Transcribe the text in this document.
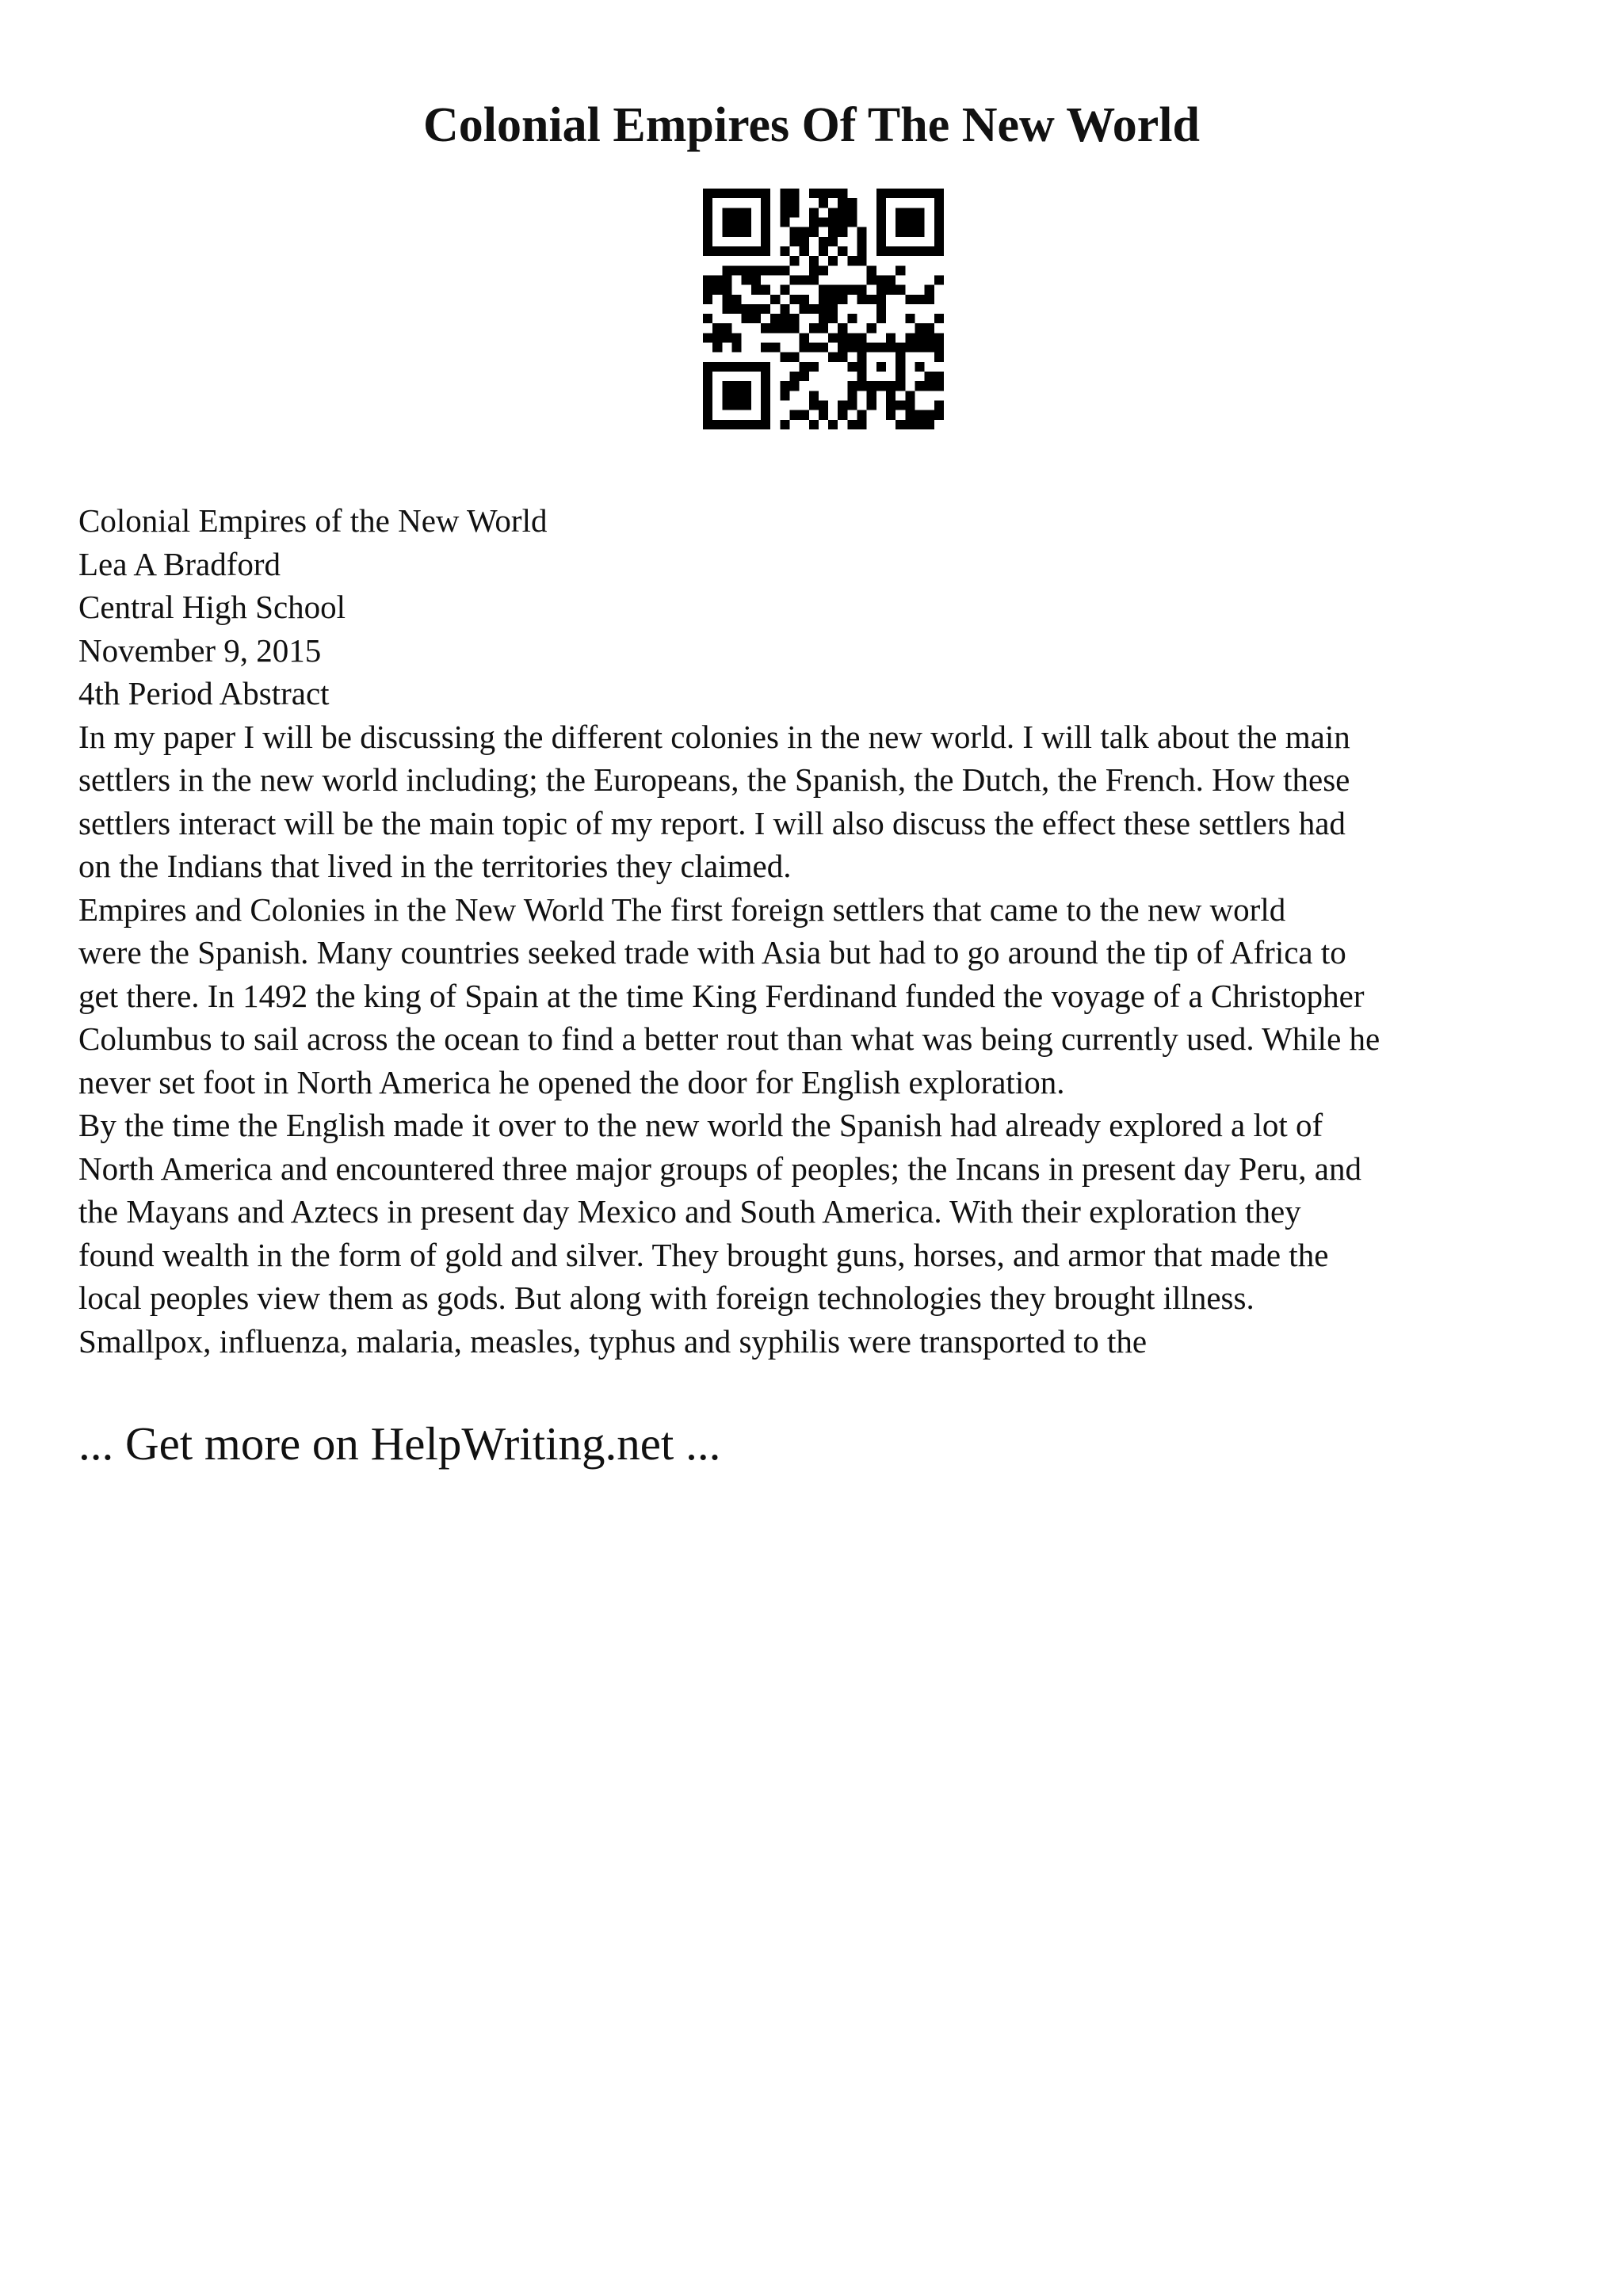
Colonial Empires Of The New World
Colonial Empires of the New World
Lea A Bradford
Central High School
November 9, 2015
4th Period Abstract
In my paper I will be discussing the different colonies in the new world. I will talk about the main
settlers in the new world including; the Europeans, the Spanish, the Dutch, the French. How these
settlers interact will be the main topic of my report. I will also discuss the effect these settlers had
on the Indians that lived in the territories they claimed.
Empires and Colonies in the New World The first foreign settlers that came to the new world
were the Spanish. Many countries seeked trade with Asia but had to go around the tip of Africa to
get there. In 1492 the king of Spain at the time King Ferdinand funded the voyage of a Christopher
Columbus to sail across the ocean to find a better rout than what was being currently used. While he
never set foot in North America he opened the door for English exploration.
By the time the English made it over to the new world the Spanish had already explored a lot of
North America and encountered three major groups of peoples; the Incans in present day Peru, and
the Mayans and Aztecs in present day Mexico and South America. With their exploration they
found wealth in the form of gold and silver. They brought guns, horses, and armor that made the
local peoples view them as gods. But along with foreign technologies they brought illness.
Smallpox, influenza, malaria, measles, typhus and syphilis were transported to the
... Get more on HelpWriting.net ...
